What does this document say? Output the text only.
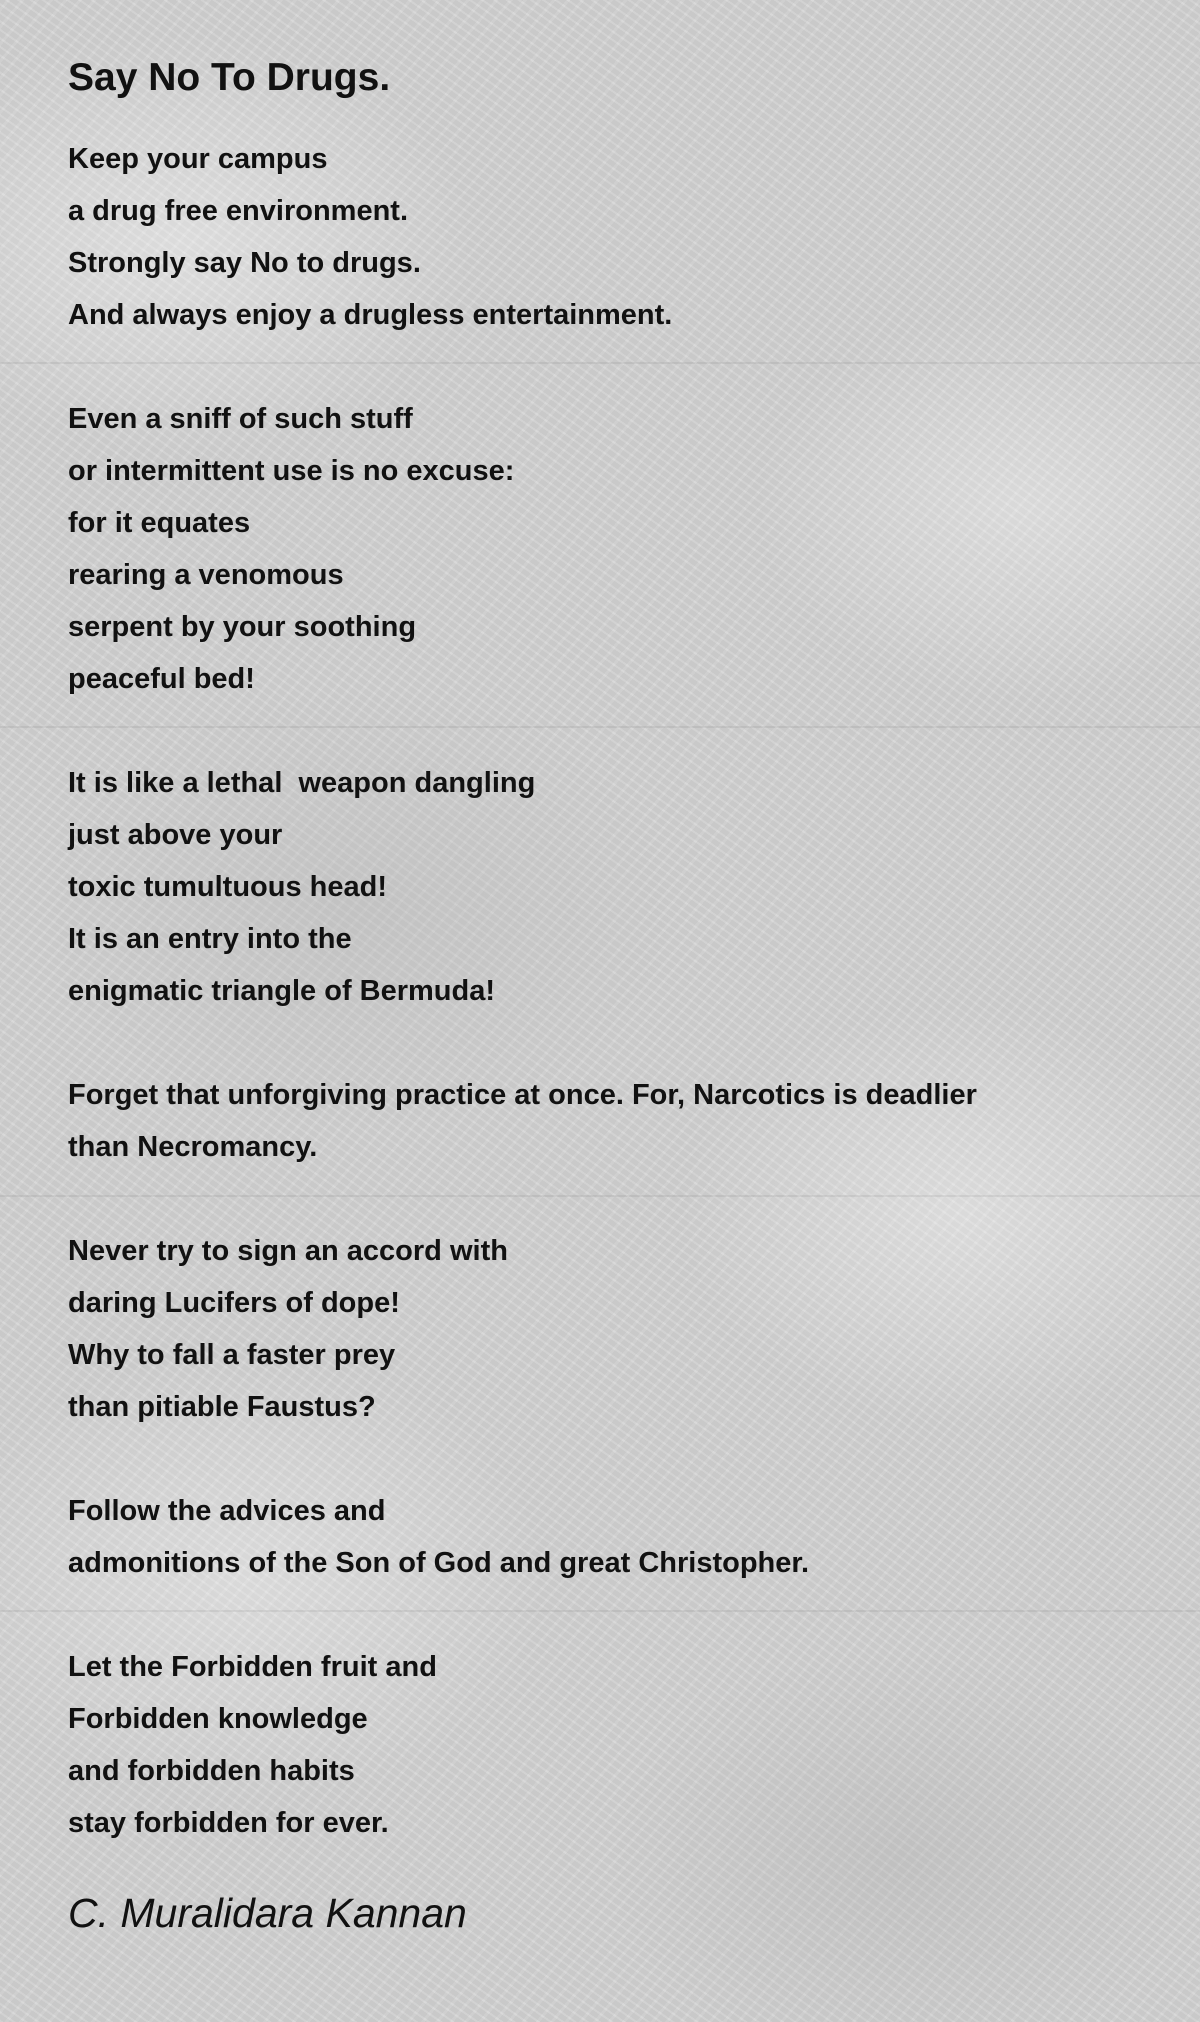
Say No To Drugs.

Keep your campus
a drug free environment.
Strongly say No to drugs.
And always enjoy a drugless entertainment.

Even a sniff of such stuff
or intermittent use is no excuse:
for it equates
rearing a venomous
serpent by your soothing
peaceful bed!

It is like a lethal  weapon dangling
just above your
toxic tumultuous head!
It is an entry into the
enigmatic triangle of Bermuda!

Forget that unforgiving practice at once. For, Narcotics is deadlier
than Necromancy.

Never try to sign an accord with
daring Lucifers of dope!
Why to fall a faster prey
than pitiable Faustus?

Follow the advices and
admonitions of the Son of God and great Christopher.

Let the Forbidden fruit and
Forbidden knowledge
and forbidden habits
stay forbidden for ever.

C. Muralidara Kannan
